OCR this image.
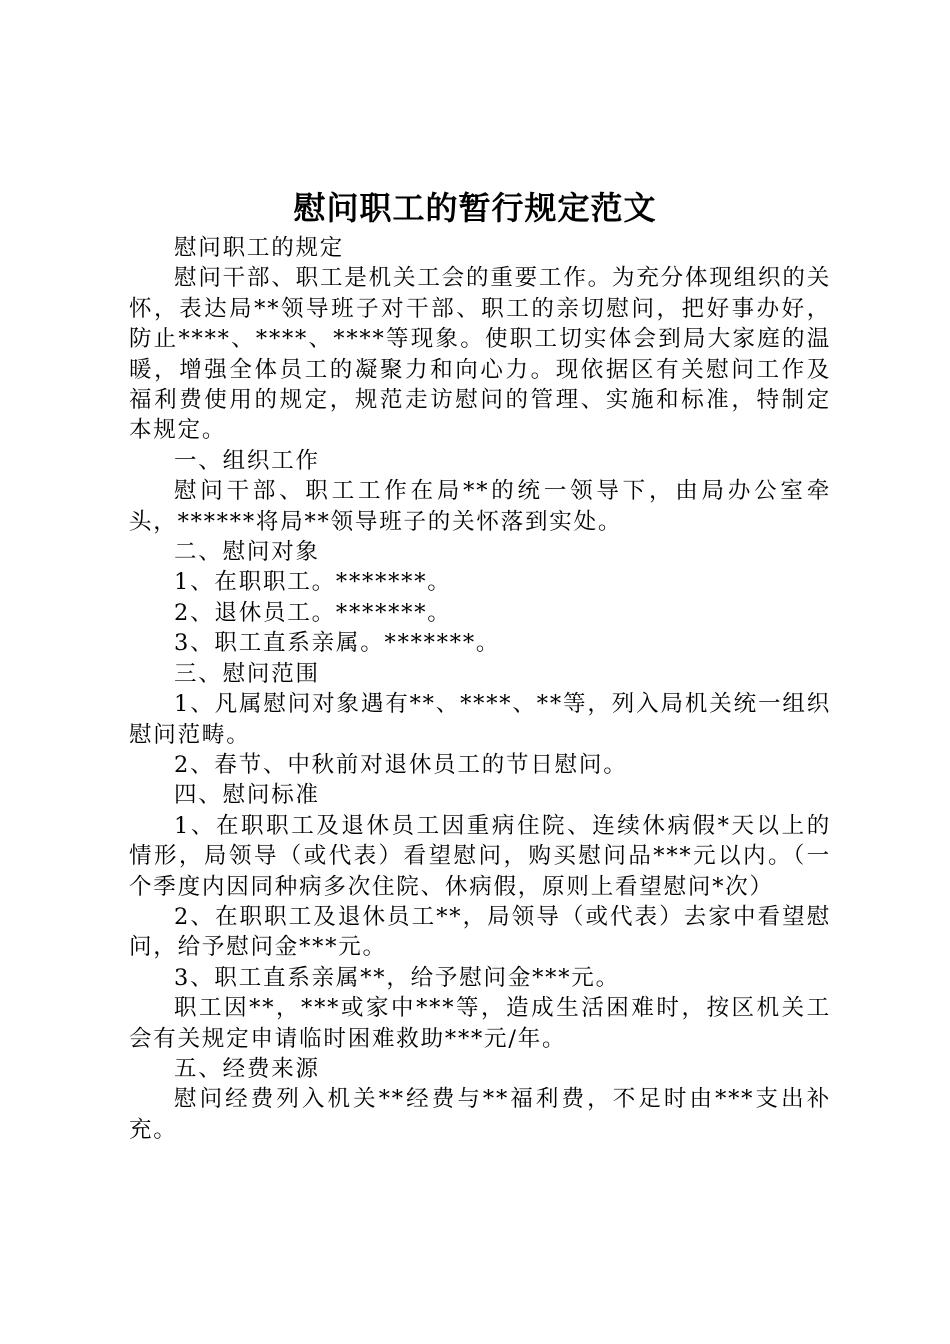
慰问职工的暂行规定范文

慰问职工的规定

慰问干部、职工是机关工会的重要工作。为充分体现组织的关怀，表达局**领导班子对干部、职工的亲切慰问，把好事办好，防止****、****、****等现象。使职工切实体会到局大家庭的温暖，增强全体员工的凝聚力和向心力。现依据区有关慰问工作及福利费使用的规定，规范走访慰问的管理、实施和标准，特制定本规定。

一、组织工作

慰问干部、职工工作在局**的统一领导下，由局办公室牵头，******将局**领导班子的关怀落到实处。

二、慰问对象

1、在职职工。*******。

2、退休员工。*******。

3、职工直系亲属。*******。

三、慰问范围

1、凡属慰问对象遇有**、****、**等，列入局机关统一组织慰问范畴。

2、春节、中秋前对退休员工的节日慰问。

四、慰问标准

1、在职职工及退休员工因重病住院、连续休病假*天以上的情形，局领导（或代表）看望慰问，购买慰问品***元以内。（一个季度内因同种病多次住院、休病假，原则上看望慰问*次）

2、在职职工及退休员工**，局领导（或代表）去家中看望慰问，给予慰问金***元。

3、职工直系亲属**，给予慰问金***元。

职工因**，***或家中***等，造成生活困难时，按区机关工会有关规定申请临时困难救助***元/年。

五、经费来源

慰问经费列入机关**经费与**福利费，不足时由***支出补充。
